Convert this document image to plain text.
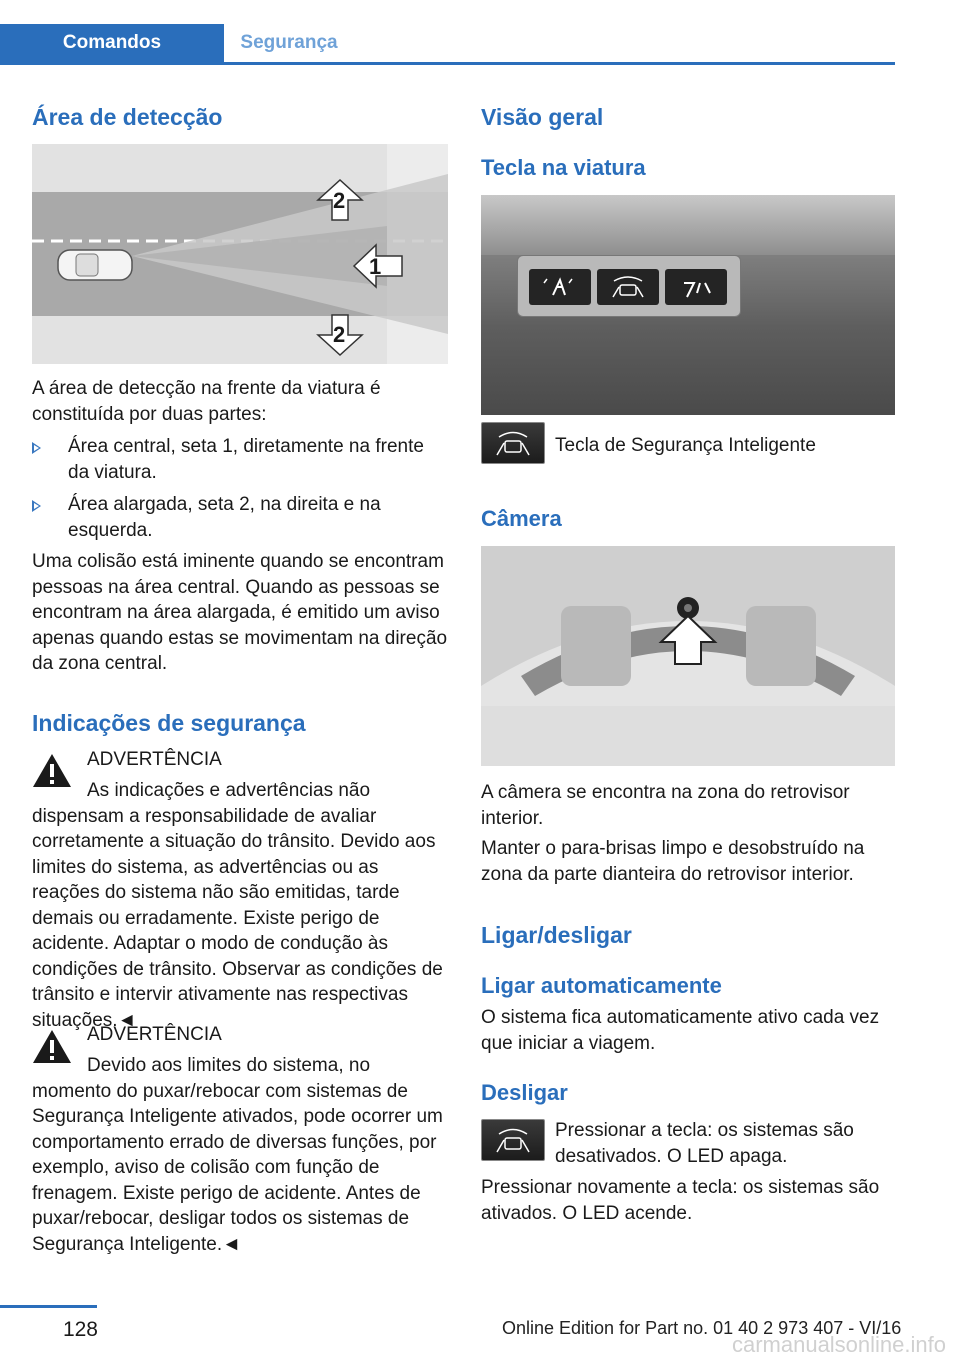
Comandos	Segurança
Área de detecção
1
2
2

A área de detecção na frente da viatura é constituída por duas partes:

Área central, seta 1, diretamente na frente da viatura.
Área alargada, seta 2, na direita e na esquerda.

Uma colisão está iminente quando se encontram pessoas na área central. Quando as pessoas se encontram na área alargada, é emitido um aviso apenas quando estas se movimentam na direção da zona central.

Indicações de segurança
ADVERTÊNCIA
As indicações e advertências não dispensam a responsabilidade de avaliar corretamente a situação do trânsito. Devido aos limites do sistema, as advertências ou as reações do sistema não são emitidas, tarde demais ou erradamente. Existe perigo de acidente. Adaptar o modo de condução às condições de trânsito. Observar as condições de trânsito e intervir ativamente nas respectivas situações.◄
ADVERTÊNCIA
Devido aos limites do sistema, no momento do puxar/rebocar com sistemas de Segurança Inteligente ativados, pode ocorrer um comportamento errado de diversas funções, por exemplo, aviso de colisão com função de frenagem. Existe perigo de acidente. Antes de puxar/rebocar, desligar todos os sistemas de Segurança Inteligente.◄
Visão geral
Tecla na viatura
Tecla de Segurança Inteligente
Câmera

A câmera se encontra na zona do retrovisor interior.

Manter o para-brisas limpo e desobstruído na zona da parte dianteira do retrovisor interior.

Ligar/desligar
Ligar automaticamente

O sistema fica automaticamente ativo cada vez que iniciar a viagem.

Desligar

Pressionar a tecla: os sistemas são desativados. O LED apaga.

Pressionar novamente a tecla: os sistemas são ativados. O LED acende.

128	Online Edition for Part no. 01 40 2 973 407 - VI/16
carmanualsonline.info
